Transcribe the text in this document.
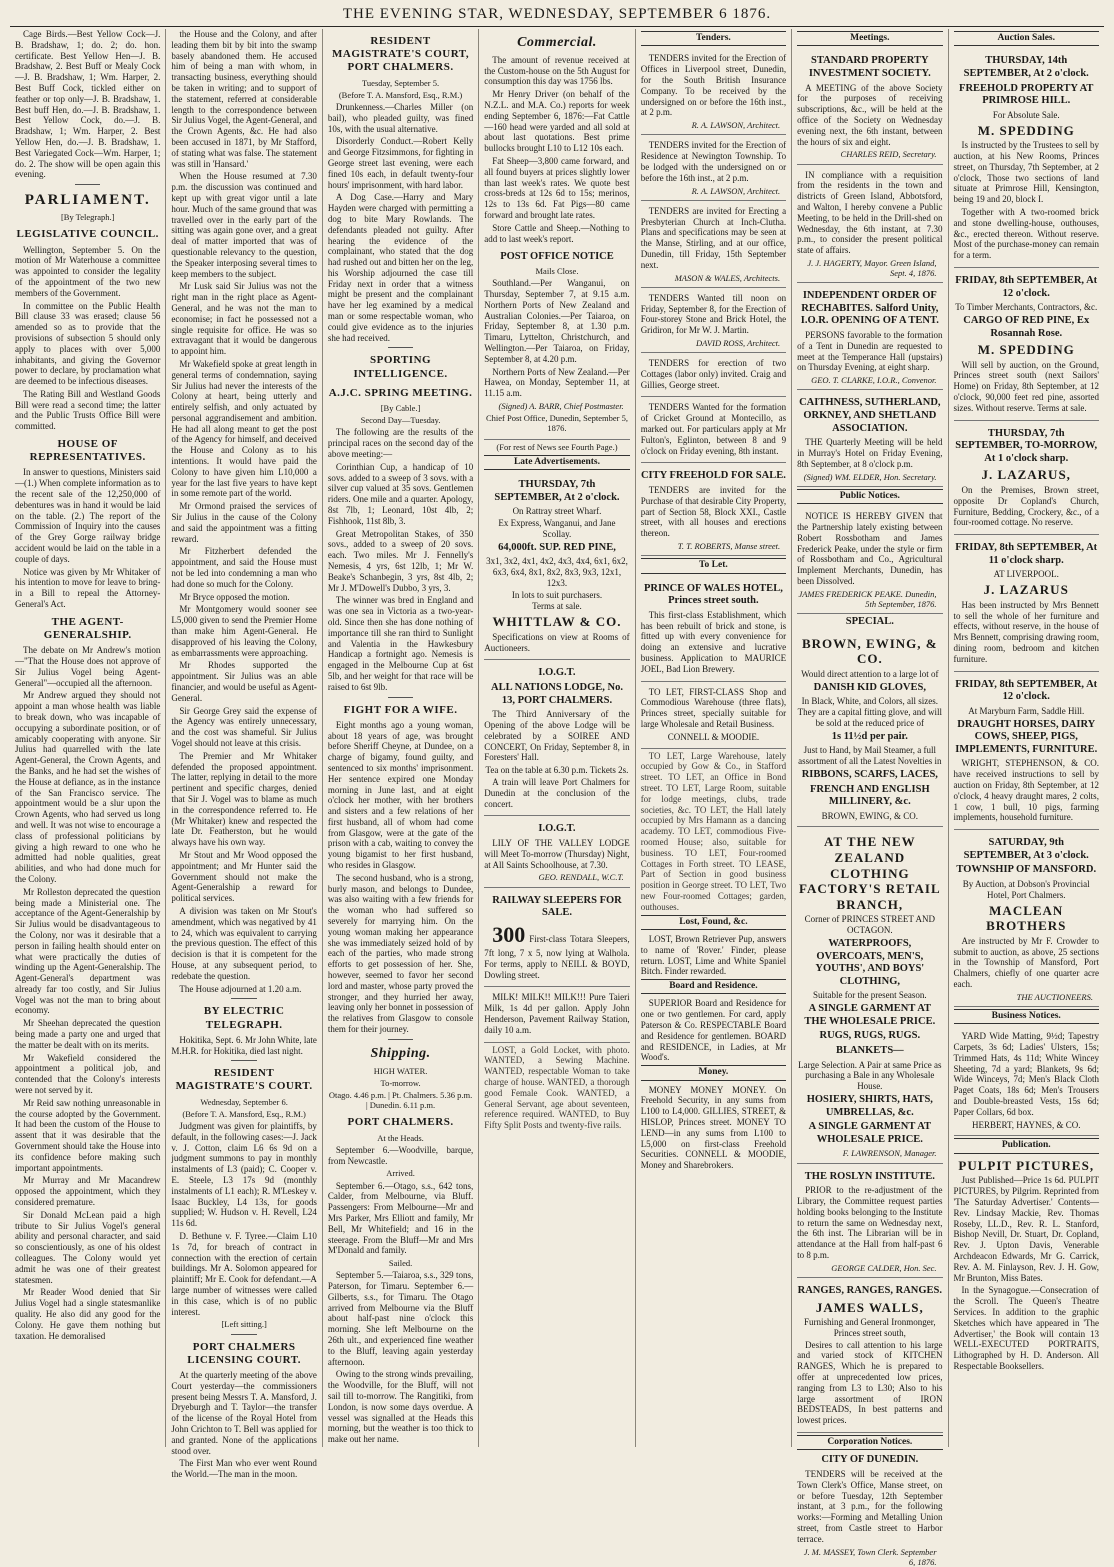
THE EVENING STAR, WEDNESDAY, SEPTEMBER 6 1876.

Cage Birds.—Best Yellow Cock—J. B. Bradshaw, 1; do. 2; do. hon. certificate. Best Yellow Hen—J. B. Bradshaw, 2. Best Buff or Mealy Cock—J. B. Bradshaw, 1; Wm. Harper, 2. Best Buff Cock, tickled either on feather or top only—J. B. Bradshaw, 1. Best buff Hen, do.—J. B. Bradshaw, 1. Best Yellow Cock, do.—J. B. Bradshaw, 1; Wm. Harper, 2. Best Yellow Hen, do.—J. B. Bradshaw, 1. Best Variegated Cock—Wm. Harper, 1; do. 2. The show will be open again this evening.

PARLIAMENT.
[By Telegraph.]
LEGISLATIVE COUNCIL.

Wellington, September 5. On the motion of Mr Waterhouse a committee was appointed to consider the legality of the appointment of the two new members of the Government.

In committee on the Public Health Bill clause 33 was erased; clause 56 amended so as to provide that the provisions of subsection 5 should only apply to places with over 5,000 inhabitants, and giving the Governor power to declare, by proclamation what are deemed to be infectious diseases.

The Rating Bill and Westland Goods Bill were read a second time; the latter and the Public Trusts Office Bill were committed.

HOUSE OF REPRESENTATIVES.

In answer to questions, Ministers said—(1.) When complete information as to the recent sale of the 12,250,000 of debentures was in hand it would be laid on the table. (2.) The report of the Commission of Inquiry into the causes of the Grey Gorge railway bridge accident would be laid on the table in a couple of days.

Notice was given by Mr Whitaker of his intention to move for leave to bring-in a Bill to repeal the Attorney-General's Act.

THE AGENT-GENERALSHIP.

The debate on Mr Andrew's motion—"That the House does not approve of Sir Julius Vogel being Agent-General"—occupied all the afternoon.

Mr Andrew argued they should not appoint a man whose health was liable to break down, who was incapable of occupying a subordinate position, or of amicably cooperating with anyone. Sir Julius had quarrelled with the late Agent-General, the Crown Agents, and the Banks, and he had set the wishes of the House at defiance, as in the instance of the San Francisco service. The appointment would be a slur upon the Crown Agents, who had served us long and well. It was not wise to encourage a class of professional politicians by giving a high reward to one who he admitted had noble qualities, great abilities, and who had done much for the Colony.

Mr Rolleston deprecated the question being made a Ministerial one. The acceptance of the Agent-Generalship by Sir Julius would be disadvantageous to the Colony, nor was it desirable that a person in failing health should enter on what were practically the duties of winding up the Agent-Generalship. The Agent-General's department was already far too costly, and Sir Julius Vogel was not the man to bring about economy.

Mr Sheehan deprecated the question being made a party one and urged that the matter be dealt with on its merits.

Mr Wakefield considered the appointment a political job, and contended that the Colony's interests were not served by it.

Mr Reid saw nothing unreasonable in the course adopted by the Government. It had been the custom of the House to assent that it was desirable that the Government should take the House into its confidence before making such important appointments.

Mr Murray and Mr Macandrew opposed the appointment, which they considered premature.

Sir Donald McLean paid a high tribute to Sir Julius Vogel's general ability and personal character, and said so conscientiously, as one of his oldest colleagues. The Colony would yet admit he was one of their greatest statesmen.

Mr Reader Wood denied that Sir Julius Vogel had a single statesmanlike quality. He also did any good for the Colony. He gave them nothing but taxation. He demoralised

the House and the Colony, and after leading them bit by bit into the swamp basely abandoned them. He accused him of being a man with whom, in transacting business, everything should be taken in writing; and to support of the statement, referred at considerable length to the correspondence between Sir Julius Vogel, the Agent-General, and the Crown Agents, &c. He had also been accused in 1871, by Mr Stafford, of stating what was false. The statement was still in 'Hansard.'

When the House resumed at 7.30 p.m. the discussion was continued and kept up with great vigor until a late hour. Much of the same ground that was travelled over in the early part of the sitting was again gone over, and a great deal of matter imported that was of questionable relevancy to the question, the Speaker interposing several times to keep members to the subject.

Mr Lusk said Sir Julius was not the right man in the right place as Agent-General, and he was not the man to economise; in fact he possessed not a single requisite for office. He was so extravagant that it would be dangerous to appoint him.

Mr Wakefield spoke at great length in general terms of condemnation, saying Sir Julius had never the interests of the Colony at heart, being utterly and entirely selfish, and only actuated by personal aggrandisement and ambition. He had all along meant to get the post of the Agency for himself, and deceived the House and Colony as to his intentions. It would have paid the Colony to have given him L10,000 a year for the last five years to have kept in some remote part of the world.

Mr Ormond praised the services of Sir Julius in the cause of the Colony and said the appointment was a fitting reward.

Mr Fitzherbert defended the appointment, and said the House must not be led into condemning a man who had done so much for the Colony.

Mr Bryce opposed the motion.

Mr Montgomery would sooner see L5,000 given to send the Premier Home than make him Agent-General. He disapproved of his leaving the Colony, as embarrassments were approaching.

Mr Rhodes supported the appointment. Sir Julius was an able financier, and would be useful as Agent-General.

Sir George Grey said the expense of the Agency was entirely unnecessary, and the cost was shameful. Sir Julius Vogel should not leave at this crisis.

The Premier and Mr Whitaker defended the proposed appointment. The latter, replying in detail to the more pertinent and specific charges, denied that Sir J. Vogel was to blame as much in the correspondence referred to. He (Mr Whitaker) knew and respected the late Dr. Featherston, but he would always have his own way.

Mr Stout and Mr Wood opposed the appointment; and Mr Hunter said the Government should not make the Agent-Generalship a reward for political services.

A division was taken on Mr Stout's amendment, which was negatived by 41 to 24, which was equivalent to carrying the previous question. The effect of this decision is that it is competent for the House, at any subsequent period, to redebate the question.

The House adjourned at 1.20 a.m.

BY ELECTRIC TELEGRAPH.

Hokitika, Sept. 6. Mr John White, late M.H.R. for Hokitika, died last night.

RESIDENT MAGISTRATE'S COURT.
Wednesday, September 6.
(Before T. A. Mansford, Esq., R.M.)

Judgment was given for plaintiffs, by default, in the following cases:—J. Jack v. J. Cotton, claim L6 6s 9d on a judgment summons to pay in monthly instalments of L3 (paid); C. Cooper v. E. Steele, L3 17s 9d (monthly instalments of L1 each); R. M'Leskey v. Isaac Buckley, L4 13s, for goods supplied; W. Hudson v. H. Revell, L24 11s 6d.

D. Bethune v. F. Tyree.—Claim L10 1s 7d, for breach of contract in connection with the erection of certain buildings. Mr A. Solomon appeared for plaintiff; Mr E. Cook for defendant.—A large number of witnesses were called in this case, which is of no public interest.

[Left sitting.]
PORT CHALMERS LICENSING COURT.

At the quarterly meeting of the above Court yesterday—the commissioners present being Messrs T. A. Mansford, J. Dryeburgh and T. Taylor—the transfer of the license of the Royal Hotel from John Crichton to T. Bell was applied for and granted. None of the applications stood over.

The First Man who ever went Round the World.—The man in the moon.

RESIDENT MAGISTRATE'S COURT, PORT CHALMERS.
Tuesday, September 5.
(Before T. A. Mansford, Esq., R.M.)

Drunkenness.—Charles Miller (on bail), who pleaded guilty, was fined 10s, with the usual alternative.

Disorderly Conduct.—Robert Kelly and George Fitzsimmons, for fighting in George street last evening, were each fined 10s each, in default twenty-four hours' imprisonment, with hard labor.

A Dog Case.—Harry and Mary Hayden were charged with permitting a dog to bite Mary Rowlands. The defendants pleaded not guilty. After hearing the evidence of the complainant, who stated that the dog had rushed out and bitten her on the leg, his Worship adjourned the case till Friday next in order that a witness might be present and the complainant have her leg examined by a medical man or some respectable woman, who could give evidence as to the injuries she had received.

SPORTING INTELLIGENCE.
A.J.C. SPRING MEETING.
[By Cable.]
Second Day—Tuesday.

The following are the results of the principal races on the second day of the above meeting:—

Corinthian Cup, a handicap of 10 sovs. added to a sweep of 3 sovs. with a silver cup valued at 35 sovs. Gentlemen riders. One mile and a quarter. Apology, 8st 7lb, 1; Leonard, 10st 4lb, 2; Fishhook, 11st 8lb, 3.

Great Metropolitan Stakes, of 350 sovs., added to a sweep of 20 sovs. each. Two miles. Mr J. Fennelly's Nemesis, 4 yrs, 6st 12lb, 1; Mr W. Beake's Schanbegin, 3 yrs, 8st 4lb, 2; Mr J. M'Dowell's Dubbo, 3 yrs, 3.

The winner was bred in England and was one sea in Victoria as a two-year-old. Since then she has done nothing of importance till she ran third to Sunlight and Valentia in the Hawkesbury Handicap a fortnight ago. Nemesis is engaged in the Melbourne Cup at 6st 5lb, and her weight for that race will be raised to 6st 9lb.

FIGHT FOR A WIFE.

Eight months ago a young woman, about 18 years of age, was brought before Sheriff Cheyne, at Dundee, on a charge of bigamy, found guilty, and sentenced to six months' imprisonment. Her sentence expired one Monday morning in June last, and at eight o'clock her mother, with her brothers and sisters and a few relations of her first husband, all of whom had come from Glasgow, were at the gate of the prison with a cab, waiting to convey the young bigamist to her first husband, who resides in Glasgow.

The second husband, who is a strong, burly mason, and belongs to Dundee, was also waiting with a few friends for the woman who had suffered so severely for marrying him. On the young woman making her appearance she was immediately seized hold of by each of the parties, who made strong efforts to get possession of her. She, however, seemed to favor her second lord and master, whose party proved the stronger, and they hurried her away, leaving only her bonnet in possession of the relatives from Glasgow to console them for their journey.

Shipping.
HIGH WATER.
To-morrow.
Otago. 4.46 p.m. | Pt. Chalmers. 5.36 p.m. | Dunedin. 6.11 p.m.
PORT CHALMERS.
At the Heads.

September 6.—Woodville, barque, from Newcastle.

Arrived.

September 6.—Otago, s.s., 642 tons, Calder, from Melbourne, via Bluff. Passengers: From Melbourne—Mr and Mrs Parker, Mrs Elliott and family, Mr Bell, Mr Whitefield; and 16 in the steerage. From the Bluff—Mr and Mrs M'Donald and family.

Sailed.

September 5.—Taiaroa, s.s., 329 tons, Paterson, for Timaru. September 6.—Gilberts, s.s., for Timaru. The Otago arrived from Melbourne via the Bluff about half-past nine o'clock this morning. She left Melbourne on the 26th ult., and experienced fine weather to the Bluff, leaving again yesterday afternoon.

Owing to the strong winds prevailing, the Woodville, for the Bluff, will not sail till to-morrow. The Rangitiki, from London, is now some days overdue. A vessel was signalled at the Heads this morning, but the weather is too thick to make out her name.

Commercial.

The amount of revenue received at the Custom-house on the 5th August for consumption this day was 1756 lbs.

Mr Henry Driver (on behalf of the N.Z.L. and M.A. Co.) reports for week ending September 6, 1876:—Fat Cattle—160 head were yarded and all sold at about last quotations. Best prime bullocks brought L10 to L12 10s each.

Fat Sheep—3,800 came forward, and all found buyers at prices slightly lower than last week's rates. We quote best cross-breds at 12s 6d to 15s; merinos, 12s to 13s 6d. Fat Pigs—80 came forward and brought late rates.

Store Cattle and Sheep.—Nothing to add to last week's report.

POST OFFICE NOTICE
Mails Close.

Southland.—Per Wanganui, on Thursday, September 7, at 9.15 a.m. Northern Ports of New Zealand and Australian Colonies.—Per Taiaroa, on Friday, September 8, at 1.30 p.m. Timaru, Lyttelton, Christchurch, and Wellington.—Per Taiaroa, on Friday, September 8, at 4.20 p.m.

Northern Ports of New Zealand.—Per Hawea, on Monday, September 11, at 11.15 a.m.

(Signed) A. BARR, Chief Postmaster.
Chief Post Office, Dunedin, September 5, 1876.
(For rest of News see Fourth Page.)
Late Advertisements.
THURSDAY, 7th SEPTEMBER, At 2 o'clock.
On Rattray street Wharf.
Ex Express, Wanganui, and Jane Scollay.
64,000ft. SUP. RED PINE,
3x1, 3x2, 4x1, 4x2, 4x3, 4x4, 6x1, 6x2, 6x3, 6x4, 8x1, 8x2, 8x3, 9x3, 12x1, 12x3.
In lots to suit purchasers.
Terms at sale.
WHITTLAW & CO.

Specifications on view at Rooms of Auctioneers.

I.O.G.T.
ALL NATIONS LODGE, No. 13, PORT CHALMERS.

The Third Anniversary of the Opening of the above Lodge will be celebrated by a SOIREE AND CONCERT, On Friday, September 8, in Foresters' Hall.

Tea on the table at 6.30 p.m. Tickets 2s.

A train will leave Port Chalmers for Dunedin at the conclusion of the concert.

I.O.G.T.

LILY OF THE VALLEY LODGE will Meet To-morrow (Thursday) Night, at All Saints Schoolhouse, at 7.30.

GEO. RENDALL, W.C.T.
RAILWAY SLEEPERS FOR SALE.

300 First-class Totara Sleepers, 7ft long, 7 x 5, now lying at Walhola. For terms, apply to NEILL & BOYD, Dowling street.

MILK! MILK!! MILK!!! Pure Taieri Milk, 1s 4d per gallon. Apply John Henderson, Pavement Railway Station, daily 10 a.m.

LOST, a Gold Locket, with photo. WANTED, a Sewing Machine. WANTED, respectable Woman to take charge of house. WANTED, a thorough good Female Cook. WANTED, a General Servant, age about seventeen, reference required. WANTED, to Buy Fifty Split Posts and twenty-five rails.

Tenders.

TENDERS invited for the Erection of Offices in Liverpool street, Dunedin, for the South British Insurance Company. To be received by the undersigned on or before the 16th inst., at 2 p.m.

R. A. LAWSON, Architect.

TENDERS invited for the Erection of Residence at Newington Township. To be lodged with the undersigned on or before the 16th inst., at 2 p.m.

R. A. LAWSON, Architect.

TENDERS are invited for Erecting a Presbyterian Church at Inch-Clutha. Plans and specifications may be seen at the Manse, Stirling, and at our office, Dunedin, till Friday, 15th September next.

MASON & WALES, Architects.

TENDERS Wanted till noon on Friday, September 8, for the Erection of Four-storey Stone and Brick Hotel, the Gridiron, for Mr W. J. Martin.

DAVID ROSS, Architect.

TENDERS for erection of two Cottages (labor only) invited. Craig and Gillies, George street.

TENDERS Wanted for the formation of Cricket Ground at Montecillo, as marked out. For particulars apply at Mr Fulton's, Eglinton, between 8 and 9 o'clock on Friday evening, 8th instant.

CITY FREEHOLD FOR SALE.

TENDERS are invited for the Purchase of that desirable City Property, part of Section 58, Block XXI., Castle street, with all houses and erections thereon.

T. T. ROBERTS, Manse street.
To Let.
PRINCE OF WALES HOTEL, Princes street south.

This first-class Establishment, which has been rebuilt of brick and stone, is fitted up with every convenience for doing an extensive and lucrative business. Application to MAURICE JOEL, Bad Lion Brewery.

TO LET, FIRST-CLASS Shop and Commodious Warehouse (three flats), Princes street, specially suitable for large Wholesale and Retail Business.

CONNELL & MOODIE.

TO LET, Large Warehouse, lately occupied by Gow & Co., in Stafford street. TO LET, an Office in Bond street. TO LET, Large Room, suitable for lodge meetings, clubs, trade societies, &c. TO LET, the Hall lately occupied by Mrs Hamann as a dancing academy. TO LET, commodious Five-roomed House; also, suitable for business. TO LET, Four-roomed Cottages in Forth street. TO LEASE, Part of Section in good business position in George street. TO LET, Two new Four-roomed Cottages; garden, outhouses.

Lost, Found, &c.

LOST, Brown Retriever Pup, answers to name of 'Rover.' Finder, please return. LOST, Lime and White Spaniel Bitch. Finder rewarded.

Board and Residence.

SUPERIOR Board and Residence for one or two gentlemen. For card, apply Paterson & Co. RESPECTABLE Board and Residence for gentlemen. BOARD and RESIDENCE, in Ladies, at Mr Wood's.

Money.

MONEY MONEY MONEY. On Freehold Security, in any sums from L100 to L4,000. GILLIES, STREET, & HISLOP, Princes street. MONEY TO LEND—in any sums from L100 to L5,000 on first-class Freehold Securities. CONNELL & MOODIE, Money and Sharebrokers.

Meetings.
STANDARD PROPERTY INVESTMENT SOCIETY.

A MEETING of the above Society for the purposes of receiving subscriptions, &c., will be held at the office of the Society on Wednesday evening next, the 6th instant, between the hours of six and eight.

CHARLES REID, Secretary.

IN compliance with a requisition from the residents in the town and districts of Green Island, Abbotsford, and Walton, I hereby convene a Public Meeting, to be held in the Drill-shed on Wednesday, the 6th instant, at 7.30 p.m., to consider the present political state of affairs.

J. J. HAGERTY, Mayor. Green Island, Sept. 4, 1876.
INDEPENDENT ORDER OF RECHABITES. Salford Unity, I.O.R. OPENING OF A TENT.

PERSONS favorable to the formation of a Tent in Dunedin are requested to meet at the Temperance Hall (upstairs) on Thursday Evening, at eight sharp.

GEO. T. CLARKE, I.O.R., Convenor.
CAITHNESS, SUTHERLAND, ORKNEY, AND SHETLAND ASSOCIATION.

THE Quarterly Meeting will be held in Murray's Hotel on Friday Evening, 8th September, at 8 o'clock p.m.

(Signed) WM. ELDER, Hon. Secretary.
Public Notices.

NOTICE IS HEREBY GIVEN that the Partnership lately existing between Robert Rossbotham and James Frederick Peake, under the style or firm of Rossbotham and Co., Agricultural Implement Merchants, Dunedin, has been Dissolved.

JAMES FREDERICK PEAKE. Dunedin, 5th September, 1876.
SPECIAL.
BROWN, EWING, & CO.
Would direct attention to a large lot of
DANISH KID GLOVES,
In Black, White, and Colors, all sizes. They are a capital fitting glove, and will be sold at the reduced price of
1s 11½d per pair.
Just to Hand, by Mail Steamer, a full assortment of all the Latest Novelties in
RIBBONS, SCARFS, LACES,
FRENCH AND ENGLISH MILLINERY, &c.
BROWN, EWING, & CO.
AT THE NEW ZEALAND CLOTHING FACTORY'S RETAIL BRANCH,
Corner of PRINCES STREET AND OCTAGON.
WATERPROOFS, OVERCOATS, MEN'S, YOUTHS', AND BOYS' CLOTHING,
Suitable for the present Season.
A SINGLE GARMENT AT THE WHOLESALE PRICE.
RUGS, RUGS, RUGS.
BLANKETS—
Large Selection. A Pair at same Price as purchasing a Bale in any Wholesale House.
HOSIERY, SHIRTS, HATS, UMBRELLAS, &c.
A SINGLE GARMENT AT WHOLESALE PRICE.
F. LAWRENSON, Manager.
THE ROSLYN INSTITUTE.

PRIOR to the re-adjustment of the Library, the Committee request parties holding books belonging to the Institute to return the same on Wednesday next, the 6th inst. The Librarian will be in attendance at the Hall from half-past 6 to 8 p.m.

GEORGE CALDER, Hon. Sec.
RANGES, RANGES, RANGES.
JAMES WALLS,
Furnishing and General Ironmonger, Princes street south,

Desires to call attention to his large and varied stock of KITCHEN RANGES, Which he is prepared to offer at unprecedented low prices, ranging from L3 to L30; Also to his large assortment of IRON BEDSTEADS, In best patterns and lowest prices.

Corporation Notices.
CITY OF DUNEDIN.

TENDERS will be received at the Town Clerk's Office, Manse street, on or before Tuesday, 12th September instant, at 3 p.m., for the following works:—Forming and Metalling Union street, from Castle street to Harbor terrace.

J. M. MASSEY, Town Clerk. September 6, 1876.
Auction Sales.
THURSDAY, 14th SEPTEMBER, At 2 o'clock.
FREEHOLD PROPERTY AT PRIMROSE HILL.
For Absolute Sale.
M. SPEDDING

Is instructed by the Trustees to sell by auction, at his New Rooms, Princes street, on Thursday, 7th September, at 2 o'clock, Those two sections of land situate at Primrose Hill, Kensington, being 19 and 20, block I.

Together with A two-roomed brick and stone dwelling-house, outhouses, &c., erected thereon. Without reserve. Most of the purchase-money can remain for a term.

FRIDAY, 8th SEPTEMBER, At 12 o'clock.
To Timber Merchants, Contractors, &c.
CARGO OF RED PINE, Ex Rosannah Rose.
M. SPEDDING

Will sell by auction, on the Ground, Princes street south (next Sailors' Home) on Friday, 8th September, at 12 o'clock, 90,000 feet red pine, assorted sizes. Without reserve. Terms at sale.

THURSDAY, 7th SEPTEMBER, TO-MORROW, At 1 o'clock sharp.
J. LAZARUS,

On the Premises, Brown street, opposite Dr Copland's Church, Furniture, Bedding, Crockery, &c., of a four-roomed cottage. No reserve.

FRIDAY, 8th SEPTEMBER, At 11 o'clock sharp.
AT LIVERPOOL.
J. LAZARUS

Has been instructed by Mrs Bennett to sell the whole of her furniture and effects, without reserve, in the house of Mrs Bennett, comprising drawing room, dining room, bedroom and kitchen furniture.

FRIDAY, 8th SEPTEMBER, At 12 o'clock.
At Maryburn Farm, Saddle Hill.
DRAUGHT HORSES, DAIRY COWS, SHEEP, PIGS, IMPLEMENTS, FURNITURE.

WRIGHT, STEPHENSON, & CO. have received instructions to sell by auction on Friday, 8th September, at 12 o'clock, 4 heavy draught mares, 2 colts, 1 cow, 1 bull, 10 pigs, farming implements, household furniture.

SATURDAY, 9th SEPTEMBER, At 3 o'clock.
TOWNSHIP OF MANSFORD.
By Auction, at Dobson's Provincial Hotel, Port Chalmers.
MACLEAN BROTHERS

Are instructed by Mr F. Crowder to submit to auction, as above, 25 sections in the Township of Mansford, Port Chalmers, chiefly of one quarter acre each.

THE AUCTIONEERS.
Business Notices.

YARD Wide Matting, 9½d; Tapestry Carpets, 3s 6d; Ladies' Ulsters, 15s; Trimmed Hats, 4s 11d; White Wincey Sheeting, 7d a yard; Blankets, 9s 6d; Wide Winceys, 7d; Men's Black Cloth Paget Coats, 18s 6d; Men's Trousers and Double-breasted Vests, 15s 6d; Paper Collars, 6d box.

HERBERT, HAYNES, & CO.
Publication.
PULPIT PICTURES,

Just Published—Price 1s 6d. PULPIT PICTURES, by Pilgrim. Reprinted from 'The Saturday Advertiser.' Contents— Rev. Lindsay Mackie, Rev. Thomas Roseby, LL.D., Rev. R. L. Stanford, Bishop Nevill, Dr. Stuart, Dr. Copland, Rev. J. Upton Davis, Venerable Archdeacon Edwards, Mr G. Carrick, Rev. A. M. Finlayson, Rev. J. H. Gow, Mr Brunton, Miss Bates.

In the Synagogue.—Consecration of the Scroll. The Queen's Theatre Services. In addition to the graphic Sketches which have appeared in 'The Advertiser,' the Book will contain 13 WELL-EXECUTED PORTRAITS, Lithographed by H. D. Anderson. All Respectable Booksellers.
